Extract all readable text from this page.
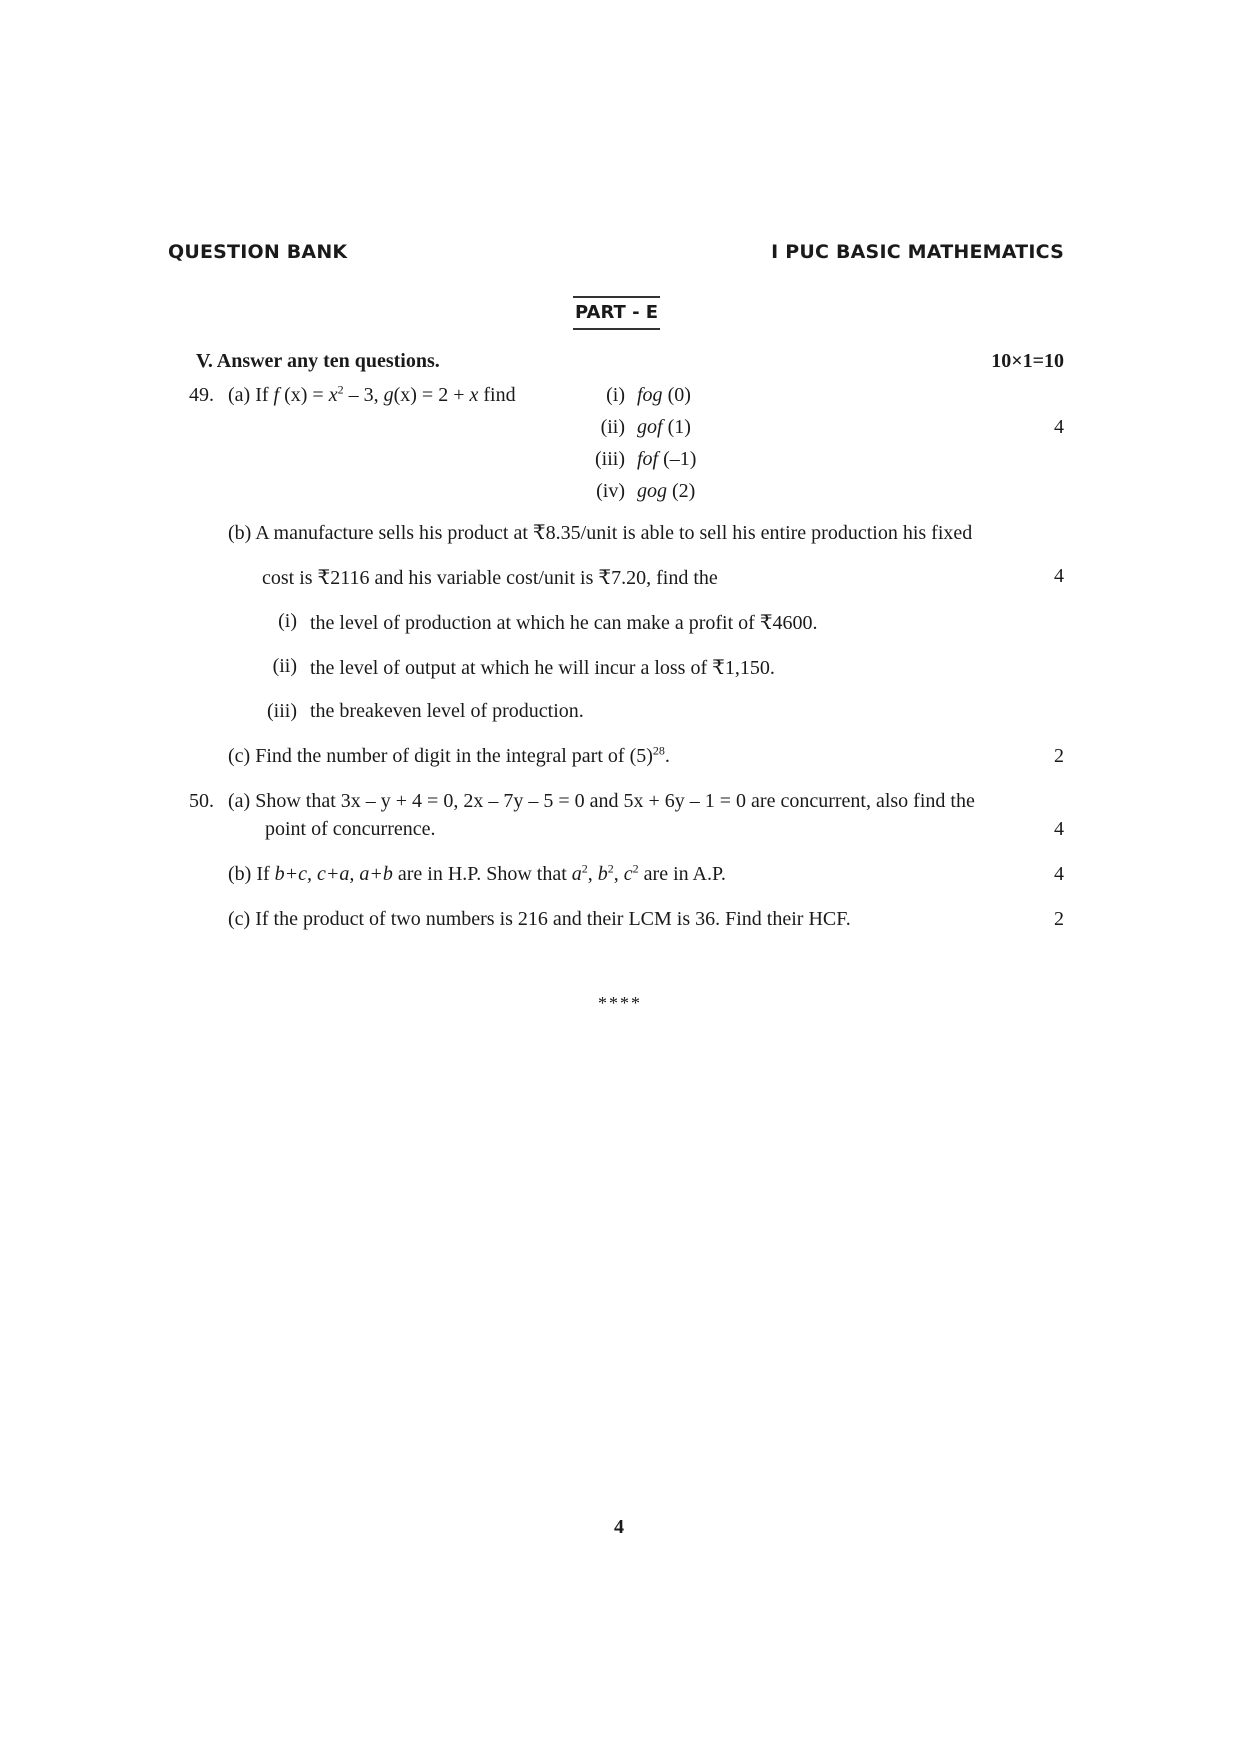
QUESTION BANK	I PUC BASIC MATHEMATICS
PART - E
V. Answer any ten questions.	10×1=10
49. (a) If f $(x) = x^2 - 3$, g(x) = 2 + x find	(i) fog (0)
(ii) gof (1)	4
(iii) fof (–1)
(iv) gog (2)
(b) A manufacture sells his product at ₹8.35/unit is able to sell his entire production his fixed
cost is ₹2116 and his variable cost/unit is ₹7.20, find the	4
(i) the level of production at which he can make a profit of ₹4600.
(ii) the level of output at which he will incur a loss of ₹1,150.
(iii) the breakeven level of production.
(c) Find the number of digit in the integral part of $(5)^{28}$.	2
50. (a) Show that 3x – y + 4 = 0, 2x – 7y – 5 = 0 and 5x + 6y – 1 = 0 are concurrent, also find the
point of concurrence.	4
(b) If b+c, c+a, a+b are in H.P. Show that $a^2$, $b^2$, $c^2$ are in A.P.	4
(c) If the product of two numbers is 216 and their LCM is 36. Find their HCF.	2
****
4
